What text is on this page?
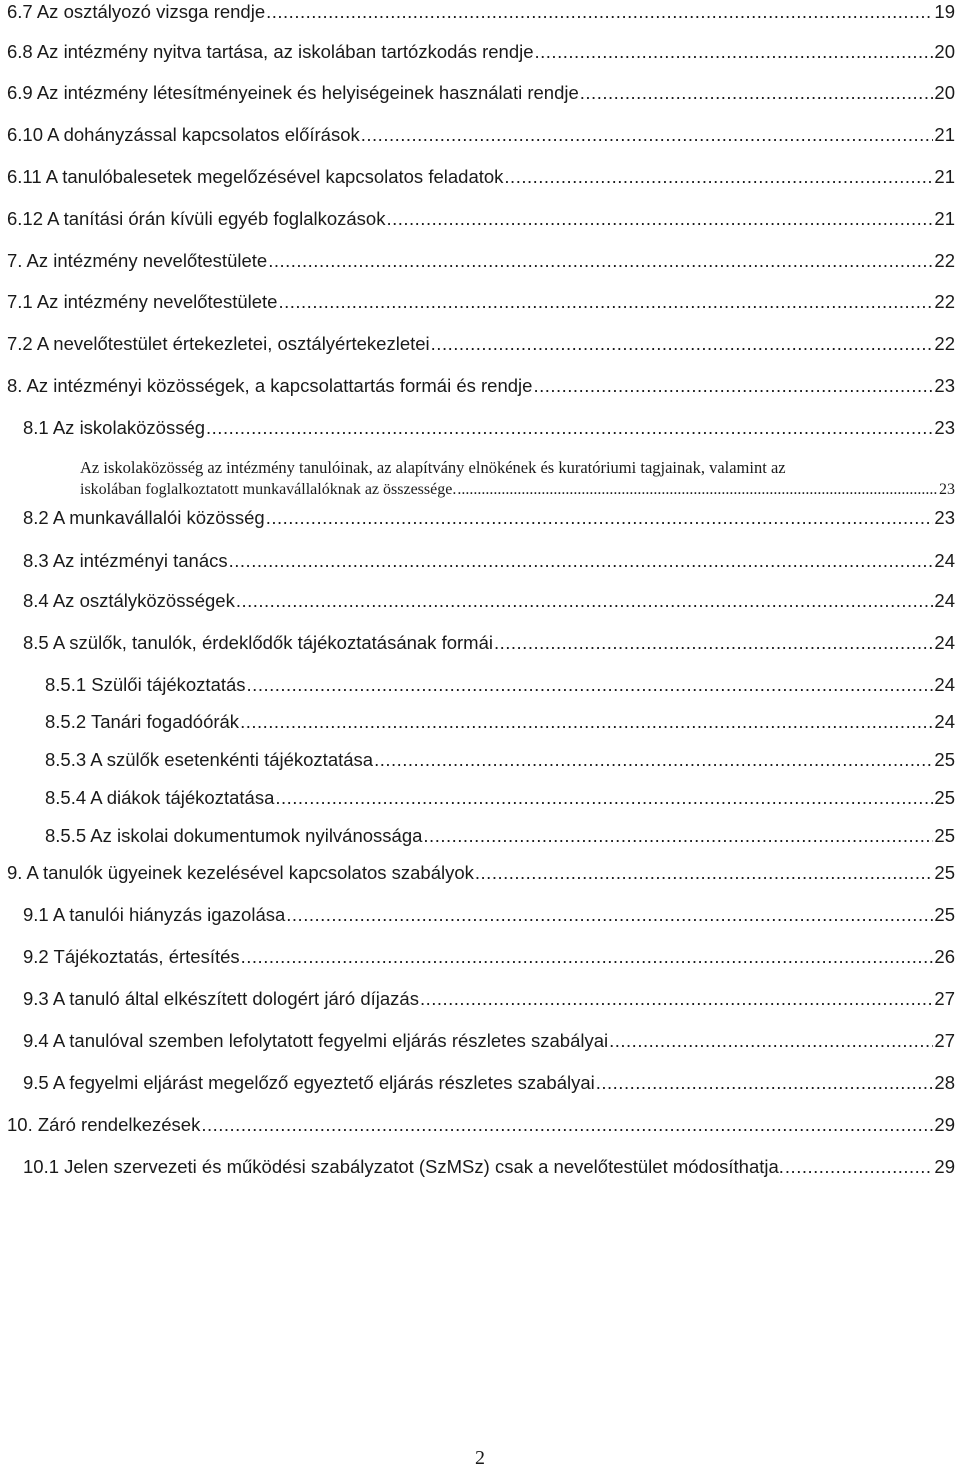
6.7 Az osztályozó vizsga rendje .....	19
6.8 Az intézmény nyitva tartása, az iskolában tartózkodás rendje .....	20
6.9 Az intézmény létesítményeinek és helyiségeinek használati rendje .....	20
6.10 A dohányzással kapcsolatos előírások .....	21
6.11 A tanulóbalesetek megelőzésével kapcsolatos feladatok .....	21
6.12 A tanítási órán kívüli egyéb foglalkozások .....	21
7. Az intézmény nevelőtestülete .....	22
7.1 Az intézmény nevelőtestülete .....	22
7.2 A nevelőtestület értekezletei, osztályértekezletei .....	22
8. Az intézményi közösségek, a kapcsolattartás formái és rendje .....	23
8.1 Az iskolaközösség .....	23
Az iskolaközösség az intézmény tanulóinak, az alapítvány elnökének és kuratóriumi tagjainak, valamint az
iskolában foglalkoztatott munkavállalóknak az összessége. .....	23
8.2 A munkavállalói közösség .....	23
8.3 Az intézményi tanács .....	24
8.4 Az osztályközösségek .....	24
8.5 A szülők, tanulók, érdeklődők tájékoztatásának formái .....	24
8.5.1 Szülői tájékoztatás .....	24
8.5.2 Tanári fogadóórák .....	24
8.5.3 A szülők esetenkénti tájékoztatása .....	25
8.5.4 A diákok tájékoztatása .....	25
8.5.5 Az iskolai dokumentumok nyilvánossága .....	25
9. A tanulók ügyeinek kezelésével kapcsolatos szabályok .....	25
9.1 A tanulói hiányzás igazolása .....	25
9.2 Tájékoztatás, értesítés .....	26
9.3 A tanuló által elkészített dologért járó díjazás .....	27
9.4 A tanulóval szemben lefolytatott fegyelmi eljárás részletes szabályai .....	27
9.5 A fegyelmi eljárást megelőző egyeztető eljárás részletes szabályai .....	28
10. Záró rendelkezések .....	29
10.1 Jelen szervezeti és működési szabályzatot (SzMSz) csak a nevelőtestület módosíthatja. .....	29
2
